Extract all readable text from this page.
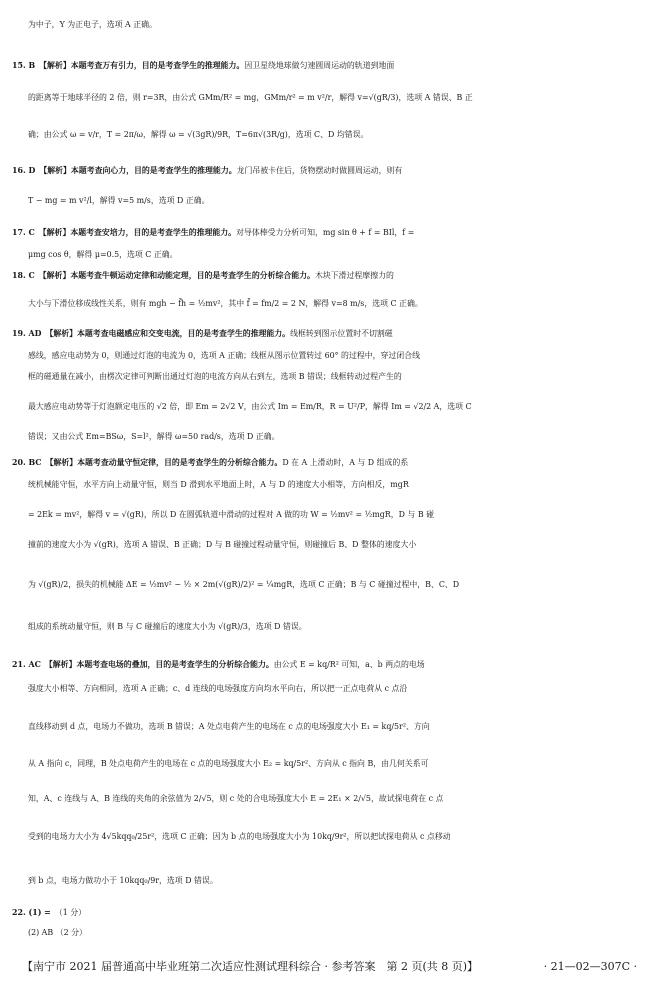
为中子，Y 为正电子，选项 A 正确。
15. B 【解析】本题考查万有引力，目的是考查学生的推理能力。因卫星绕地球做匀速圆周运动的轨道到地面
的距离等于地球半径的 2 倍，则 r=3R，由公式 GMm/R² = mg，GMm/r² = m v²/r，解得 v=√(gR/3)，选项 A 错误、B 正
确；由公式 ω = v/r，T = 2π/ω，解得 ω = √(3gR)/9R，T=6π√(3R/g)，选项 C、D 均错误。
16. D 【解析】本题考查向心力，目的是考查学生的推理能力。龙门吊被卡住后，货物摆动时做圆周运动，则有
T − mg = m v²/l，解得 v=5 m/s，选项 D 正确。
17. C 【解析】本题考查安培力，目的是考查学生的推理能力。对导体棒受力分析可知，mg sin θ + f = BIl，f =
μmg cos θ，解得 μ=0.5，选项 C 正确。
18. C 【解析】本题考查牛顿运动定律和动能定理，目的是考查学生的分析综合能力。木块下滑过程摩擦力的
大小与下滑位移成线性关系，则有 mgh − f̄h = ½mv²，其中 f̄ = fm/2 = 2 N，解得 v=8 m/s，选项 C 正确。
19. AD 【解析】本题考查电磁感应和交变电流，目的是考查学生的推理能力。线框转到图示位置时不切割磁
感线，感应电动势为 0，则通过灯泡的电流为 0，选项 A 正确；线框从图示位置转过 60° 的过程中，穿过闭合线
框的磁通量在减小，由楞次定律可判断出通过灯泡的电流方向从右到左，选项 B 错误；线框转动过程产生的
最大感应电动势等于灯泡额定电压的 √2 倍，即 Em = 2√2 V，由公式 Im = Em/R，R = U²/P，解得 Im = √2/2 A，选项 C
错误；又由公式 Em=BSω，S=l²，解得 ω=50 rad/s，选项 D 正确。
20. BC 【解析】本题考查动量守恒定律，目的是考查学生的分析综合能力。D 在 A 上滑动时，A 与 D 组成的系
统机械能守恒，水平方向上动量守恒，则当 D 滑到水平地面上时，A 与 D 的速度大小相等，方向相反，mgR
= 2Ek = mv²，解得 v = √(gR)，所以 D 在圆弧轨道中滑动的过程对 A 做的功 W = ½mv² = ½mgR，D 与 B 碰
撞前的速度大小为 √(gR)，选项 A 错误、B 正确；D 与 B 碰撞过程动量守恒，则碰撞后 B、D 整体的速度大小
为 √(gR)/2，损失的机械能 ΔE = ½mv² − ½ × 2m(√(gR)/2)² = ¼mgR，选项 C 正确；B 与 C 碰撞过程中，B、C、D
组成的系统动量守恒，则 B 与 C 碰撞后的速度大小为 √(gR)/3，选项 D 错误。
21. AC 【解析】本题考查电场的叠加，目的是考查学生的分析综合能力。由公式 E = kq/R² 可知，a、b 两点的电场
强度大小相等、方向相同，选项 A 正确；c、d 连线的电场强度方向均水平向右，所以把一正点电荷从 c 点沿
直线移动到 d 点，电场力不做功，选项 B 错误；A 处点电荷产生的电场在 c 点的电场强度大小 E₁ = kq/5r²、方向
从 A 指向 c，同理，B 处点电荷产生的电场在 c 点的电场强度大小 E₂ = kq/5r²、方向从 c 指向 B，由几何关系可
知，A、c 连线与 A、B 连线的夹角的余弦值为 2/√5，则 c 处的合电场强度大小 E = 2E₁ × 2/√5，故试探电荷在 c 点
受到的电场力大小为 4√5kqq₀/25r²，选项 C 正确；因为 b 点的电场强度大小为 10kq/9r²，所以把试探电荷从 c 点移动
到 b 点，电场力做功小于 10kqq₀/9r，选项 D 错误。
22. (1) = （1 分）
(2) AB （2 分）
【南宁市 2021 届普通高中毕业班第二次适应性测试理科综合 · 参考答案　第 2 页(共 8 页)】	· 21—02—307C ·
